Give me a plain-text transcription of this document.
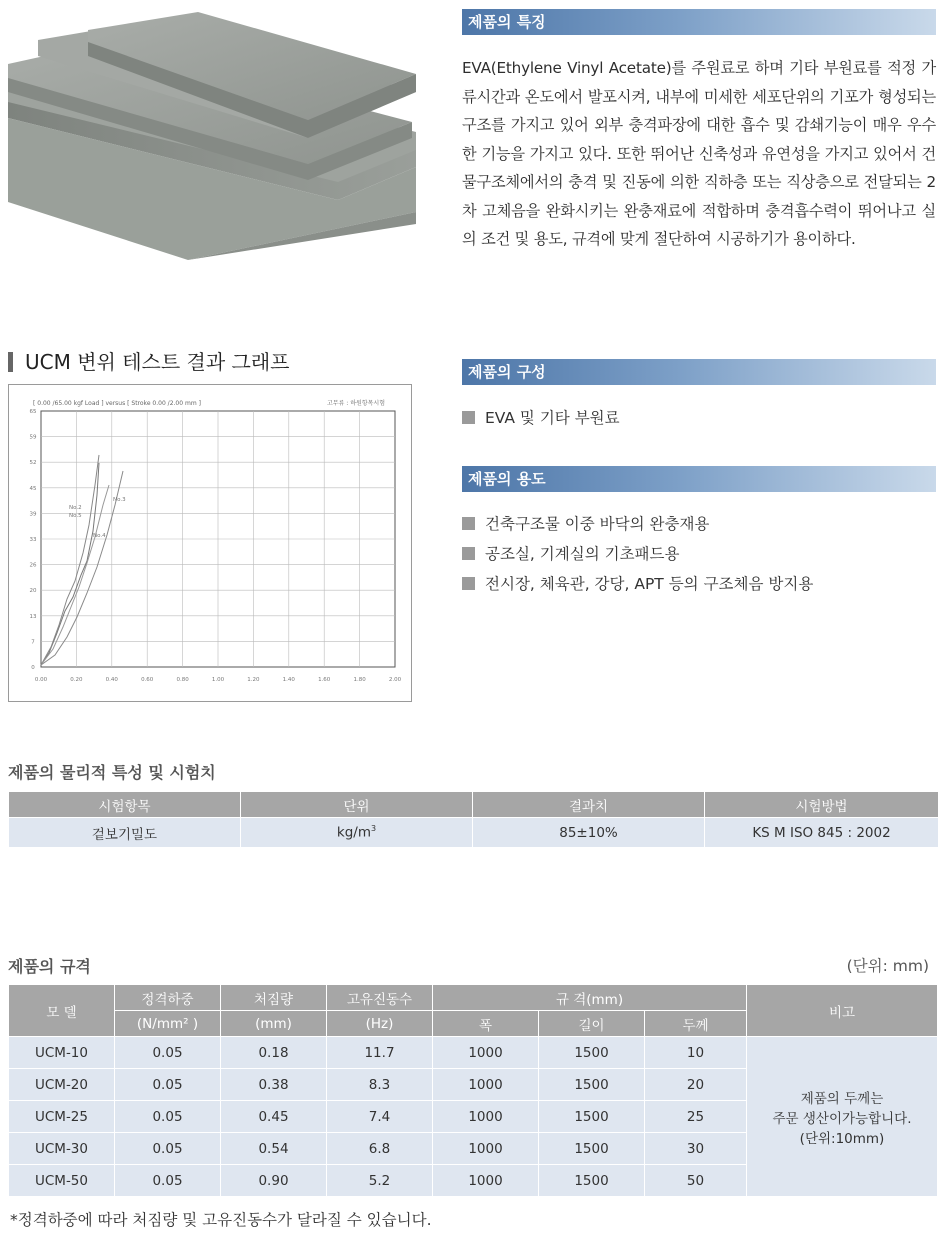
제품의 특징

EVA(Ethylene Vinyl Acetate)를 주원료로 하며 기타 부원료를 적정 가류시간과 온도에서 발포시켜, 내부에 미세한 세포단위의 기포가 형성되는 구조를 가지고 있어 외부 충격파장에 대한 흡수 및 감쇄기능이 매우 우수한 기능을 가지고 있다. 또한 뛰어난 신축성과 유연성을 가지고 있어서 건물구조체에서의 충격 및 진동에 의한 직하층 또는 직상층으로 전달되는 2차 고체음을 완화시키는 완충재료에 적합하며 충격흡수력이 뛰어나고 실의 조건 및 용도, 규격에 맞게 절단하여 시공하기가 용이하다.

UCM 변위 테스트 결과 그래프
[ 0.00 /65.00 kgf Load ] versus [ Stroke 0.00 /2.00 mm ]	고무류 : 하원항목시험
65
59
52
45
39
33
26
20
13
7
0
0.00	0.20	0.40	0.60	0.80	1.00	1.20	1.40	1.60	1.80	2.00
No.2
No.3
No.5
No.4
제품의 구성
EVA 및 기타 부원료
제품의 용도
건축구조물 이중 바닥의 완충재용
공조실, 기계실의 기초패드용
전시장, 체육관, 강당, APT 등의 구조체음 방지용
제품의 물리적 특성 및 시험치
시험항목	단위	결과치	시험방법
겉보기밀도	$kg/m^3$	85±10%	KS M ISO 845 : 2002
제품의 규격	(단위: mm)
모 델	정격하중	처짐량	고유진동수	규 격(mm)		
	(N/mm² )	(mm)	(Hz)	폭	길이	두께
UCM-10	0.05	0.18	11.7	1000	1500	10
UCM-20	0.05	0.38	8.3	1000	1500	20
UCM-25	0.05	0.45	7.4	1000	1500	25
UCM-30	0.05	0.54	6.8	1000	1500	30
UCM-50	0.05	0.90	5.2	1000	1500	50
비고

제품의 두께는
주문 생산이가능합니다.
(단위:10mm)
*정격하중에 따라 처짐량 및 고유진동수가 달라질 수 있습니다.
